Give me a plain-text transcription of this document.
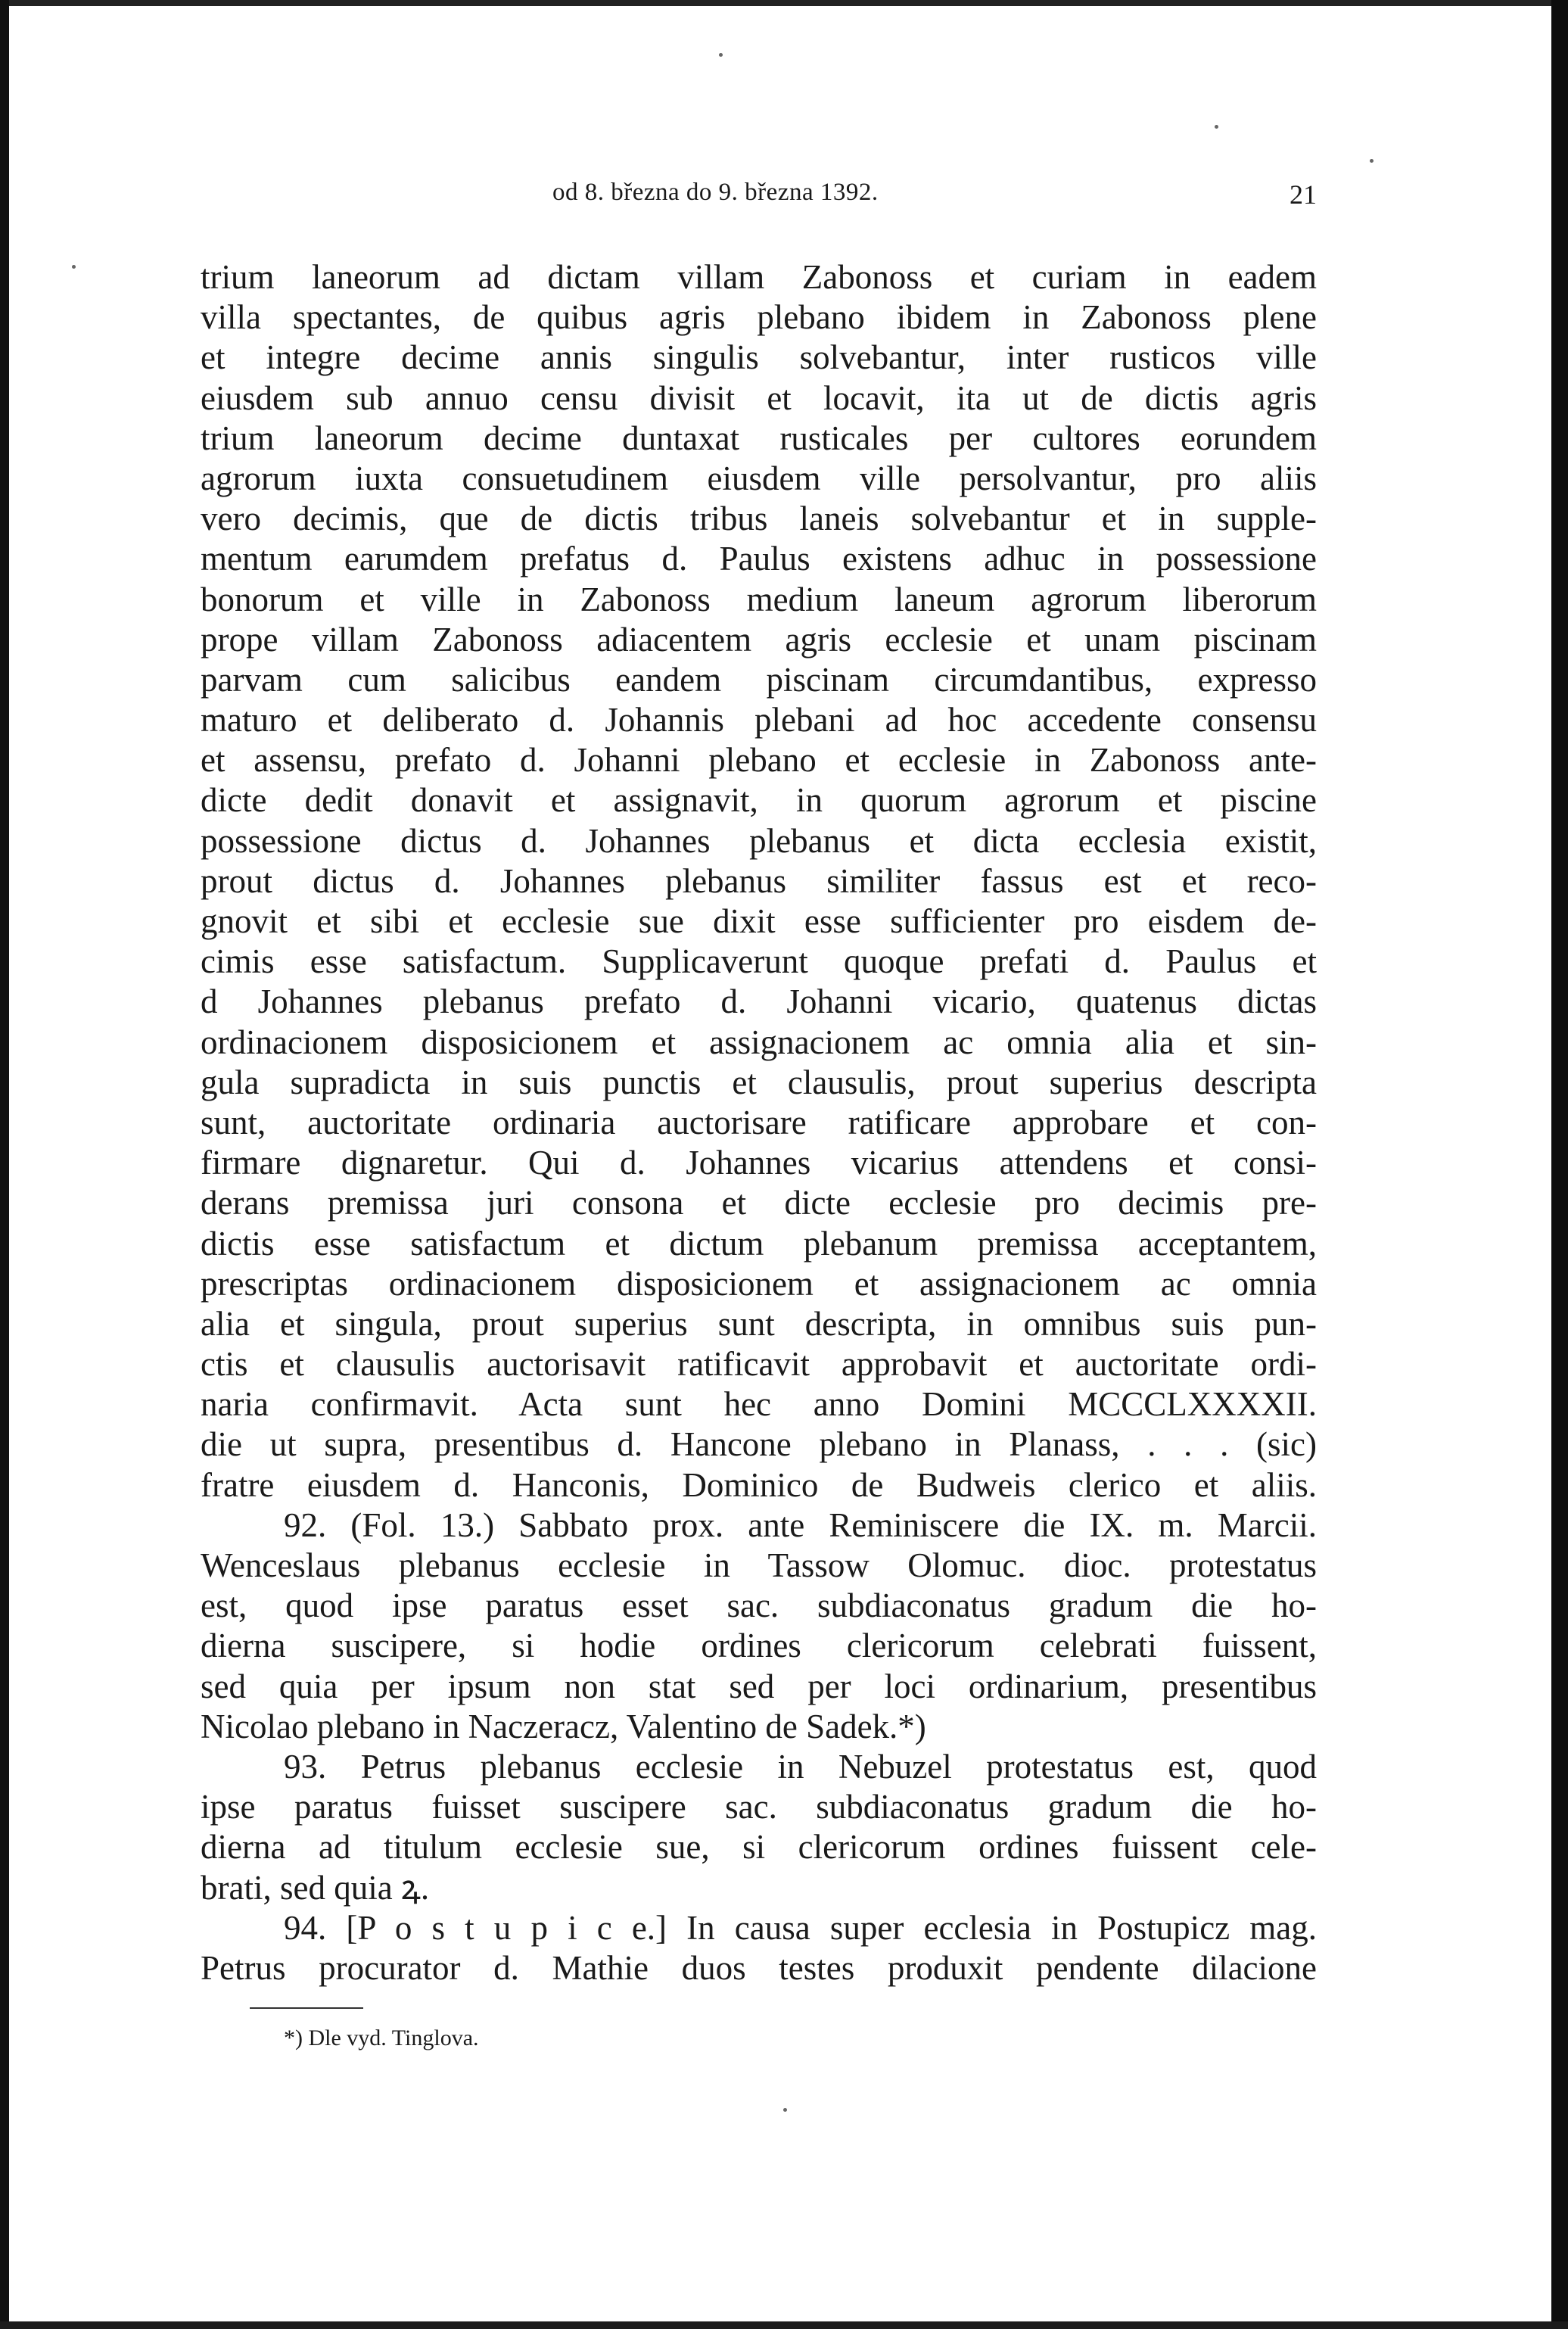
od 8. března do 9. března 1392.	21
trium laneorum ad dictam villam Zabonoss et curiam in eadem
villa spectantes, de quibus agris plebano ibidem in Zabonoss plene
et integre decime annis singulis solvebantur, inter rusticos ville
eiusdem sub annuo censu divisit et locavit, ita ut de dictis agris
trium laneorum decime duntaxat rusticales per cultores eorundem
agrorum iuxta consuetudinem eiusdem ville persolvantur, pro aliis
vero decimis, que de dictis tribus laneis solvebantur et in supple-
mentum earumdem prefatus d. Paulus existens adhuc in possessione
bonorum et ville in Zabonoss medium laneum agrorum liberorum
prope villam Zabonoss adiacentem agris ecclesie et unam piscinam
parvam cum salicibus eandem piscinam circumdantibus, expresso
maturo et deliberato d. Johannis plebani ad hoc accedente consensu
et assensu, prefato d. Johanni plebano et ecclesie in Zabonoss ante-
dicte dedit donavit et assignavit, in quorum agrorum et piscine
possessione dictus d. Johannes plebanus et dicta ecclesia existit,
prout dictus d. Johannes plebanus similiter fassus est et reco-
gnovit et sibi et ecclesie sue dixit esse sufficienter pro eisdem de-
cimis esse satisfactum. Supplicaverunt quoque prefati d. Paulus et
d Johannes plebanus prefato d. Johanni vicario, quatenus dictas
ordinacionem disposicionem et assignacionem ac omnia alia et sin-
gula supradicta in suis punctis et clausulis, prout superius descripta
sunt, auctoritate ordinaria auctorisare ratificare approbare et con-
firmare dignaretur. Qui d. Johannes vicarius attendens et consi-
derans premissa juri consona et dicte ecclesie pro decimis pre-
dictis esse satisfactum et dictum plebanum premissa acceptantem,
prescriptas ordinacionem disposicionem et assignacionem ac omnia
alia et singula, prout superius sunt descripta, in omnibus suis pun-
ctis et clausulis auctorisavit ratificavit approbavit et auctoritate ordi-
naria confirmavit. Acta sunt hec anno Domini MCCCLXXXXII.
die ut supra, presentibus d. Hancone plebano in Planass, . . . (sic)
fratre eiusdem d. Hanconis, Dominico de Budweis clerico et aliis.
92. (Fol. 13.) Sabbato prox. ante Reminiscere die IX. m. Marcii.
Wenceslaus plebanus ecclesie in Tassow Olomuc. dioc. protestatus
est, quod ipse paratus esset sac. subdiaconatus gradum die ho-
dierna suscipere, si hodie ordines clericorum celebrati fuissent,
sed quia per ipsum non stat sed per loci ordinarium, presentibus
Nicolao plebano in Naczeracz, Valentino de Sadek.*)
93. Petrus plebanus ecclesie in Nebuzel protestatus est, quod
ipse paratus fuisset suscipere sac. subdiaconatus gradum die ho-
dierna ad titulum ecclesie sue, si clericorum ordines fuissent cele-
brati, sed quia ꝝ.
94. [P o s t u p i c e.] In causa super ecclesia in Postupicz mag.
Petrus procurator d. Mathie duos testes produxit pendente dilacione
*) Dle vyd. Tinglova.
